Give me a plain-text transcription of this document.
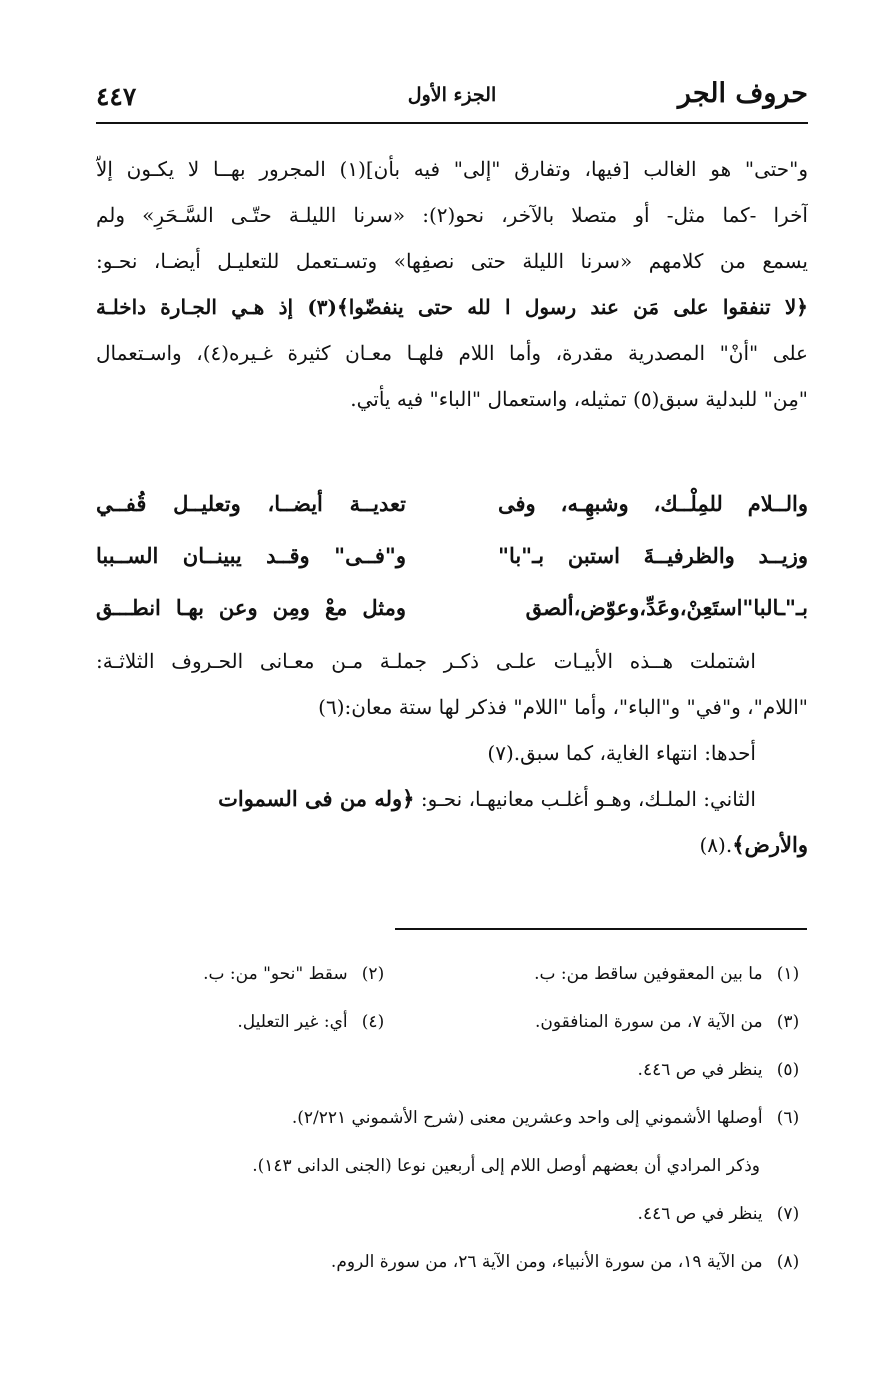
حروف الجر
الجزء الأول
٤٤٧
و"حتى" هو الغالب [فيها، وتفارق "إلى" فيه بأن](١) المجرور بهــا لا يكـون إلاّ
آخرا -كما مثل- أو متصلا بالآخر، نحو(٢): «سرنا الليلـة حتّـى السَّـحَرِ» ولم
يسمع من كلامهم «سرنا الليلة حتى نصفِها» وتسـتعمل للتعليـل أيضـا، نحـو:
﴿لا تنفقوا على مَن عند رسول ا لله حتى ينفضّوا﴾(٣) إذ هـي الجـارة داخلـة
على "أنْ" المصدرية مقدرة، وأما اللام فلهـا معـان كثيرة غـيره(٤)، واسـتعمال
"مِن" للبدلية سبق(٥) تمثيله، واستعمال "الباء" فيه يأتي.
والــلام للمِلْــك، وشبهِـه، وفى
تعديــة أيضــا، وتعليــل قُفــي
وزيــد والظرفيــةَ استبن بـ"با"
و"فــى" وقــد يبينــان الســببا
بـ"ـالبا"استَعِنْ،وعَدِّ،وعوّض،ألصق
ومثل معْ ومِن وعن بهـا انطـــق
اشتملت هــذه الأبيـات علـى ذكـر جملـة مـن معـانى الحـروف الثلاثـة:
"اللام"، و"في" و"الباء"، وأما "اللام" فذكر لها ستة معان:(٦)
أحدها: انتهاء الغاية، كما سبق.(٧)
الثاني: الملـك، وهـو أغلـب معانيهـا، نحـو: ﴿وله من فى السموات
والأرض﴾.(٨)
(١) ما بين المعقوفين ساقط من: ب.
(٢) سقط "نحو" من: ب.
(٣) من الآية ٧، من سورة المنافقون.
(٤) أي: غير التعليل.
(٥) ينظر في ص ٤٤٦.
(٦) أوصلها الأشموني إلى واحد وعشرين معنى (شرح الأشموني ٢/٢٢١).
وذكر المرادي أن بعضهم أوصل اللام إلى أربعين نوعا (الجنى الدانى ١٤٣).
(٧) ينظر في ص ٤٤٦.
(٨) من الآية ١٩، من سورة الأنبياء، ومن الآية ٢٦، من سورة الروم.
